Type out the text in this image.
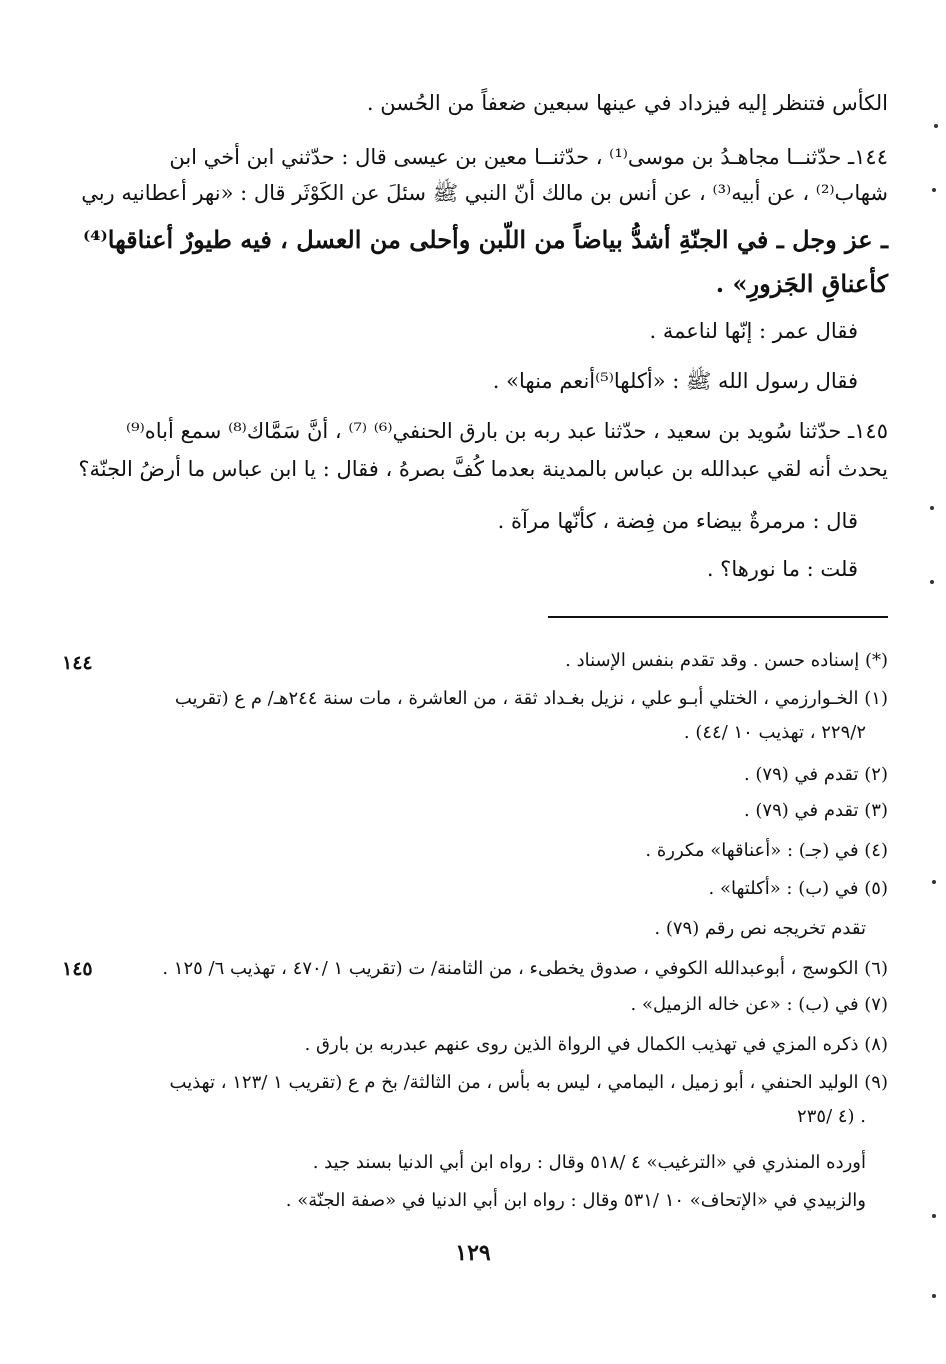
الكأس فتنظر إليه فيزداد في عينها سبعين ضعفاً من الحُسن .
١٤٤ـ حدّثنــا مجاهـدُ بن موسى⁽¹⁾ ، حدّثنــا معين بن عيسى قال : حدّثني ابن أخي ابن
شهاب⁽²⁾ ، عن أبيه⁽³⁾ ، عن أنس بن مالك أنّ النبي ﷺ سئلَ عن الكَوْثَر قال : «نهر أعطانيه ربي
ـ عز وجل ـ في الجنّةِ أشدُّ بياضاً من اللّبن وأحلى من العسل ، فيه طيورٌ أعناقها⁽⁴⁾
كأعناقِ الجَزورِ» .
فقال عمر : إنّها لناعمة .
فقال رسول الله ﷺ : «أكلها⁽⁵⁾أنعم منها» .
١٤٥ـ حدّثنا سُويد بن سعيد ، حدّثنا عبد ربه بن بارق الحنفي⁽⁶⁾ ⁽⁷⁾ ، أنَّ سَمَّاك⁽⁸⁾ سمع أباه⁽⁹⁾
يحدث أنه لقي عبدالله بن عباس بالمدينة بعدما كُفَّ بصرهُ ، فقال : يا ابن عباس ما أرضُ الجنّة؟
قال : مرمرةٌ بيضاء من فِضة ، كأنّها مرآة .
قلت : ما نورها؟ .
(*) إسناده حسن . وقد تقدم بنفس الإسناد .
(١) الخـوارزمي ، الختلي أبـو علي ، نزيل بغـداد ثقة ، من العاشرة ، مات سنة ٢٤٤هـ/ م ع (تقريب
٢٢٩/٢ ، تهذيب ١٠ /٤٤) .
(٢) تقدم في (٧٩) .
(٣) تقدم في (٧٩) .
(٤) في (جـ) : «أعناقها» مكررة .
(٥) في (ب) : «أكلتها» .
تقدم تخريجه نص رقم (٧٩) .
(٦) الكوسج ، أبوعبدالله الكوفي ، صدوق يخطىء ، من الثامنة/ ت (تقريب ١ /٤٧٠ ، تهذيب ٦/ ١٢٥ .
(٧) في (ب) : «عن خاله الزميل» .
(٨) ذكره المزي في تهذيب الكمال في الرواة الذين روى عنهم عبدربه بن بارق .
(٩) الوليد الحنفي ، أبو زميل ، اليمامي ، ليس به بأس ، من الثالثة/ بخ م ع (تقريب ١ /١٢٣ ، تهذيب
٤ /٢٣٥) .
أورده المنذري في «الترغيب» ٤ /٥١٨ وقال : رواه ابن أبي الدنيا بسند جيد .
والزبيدي في «الإتحاف» ١٠ /٥٣١ وقال : رواه ابن أبي الدنيا في «صفة الجنّة» .
١٤٤
١٤٥
١٢٩
